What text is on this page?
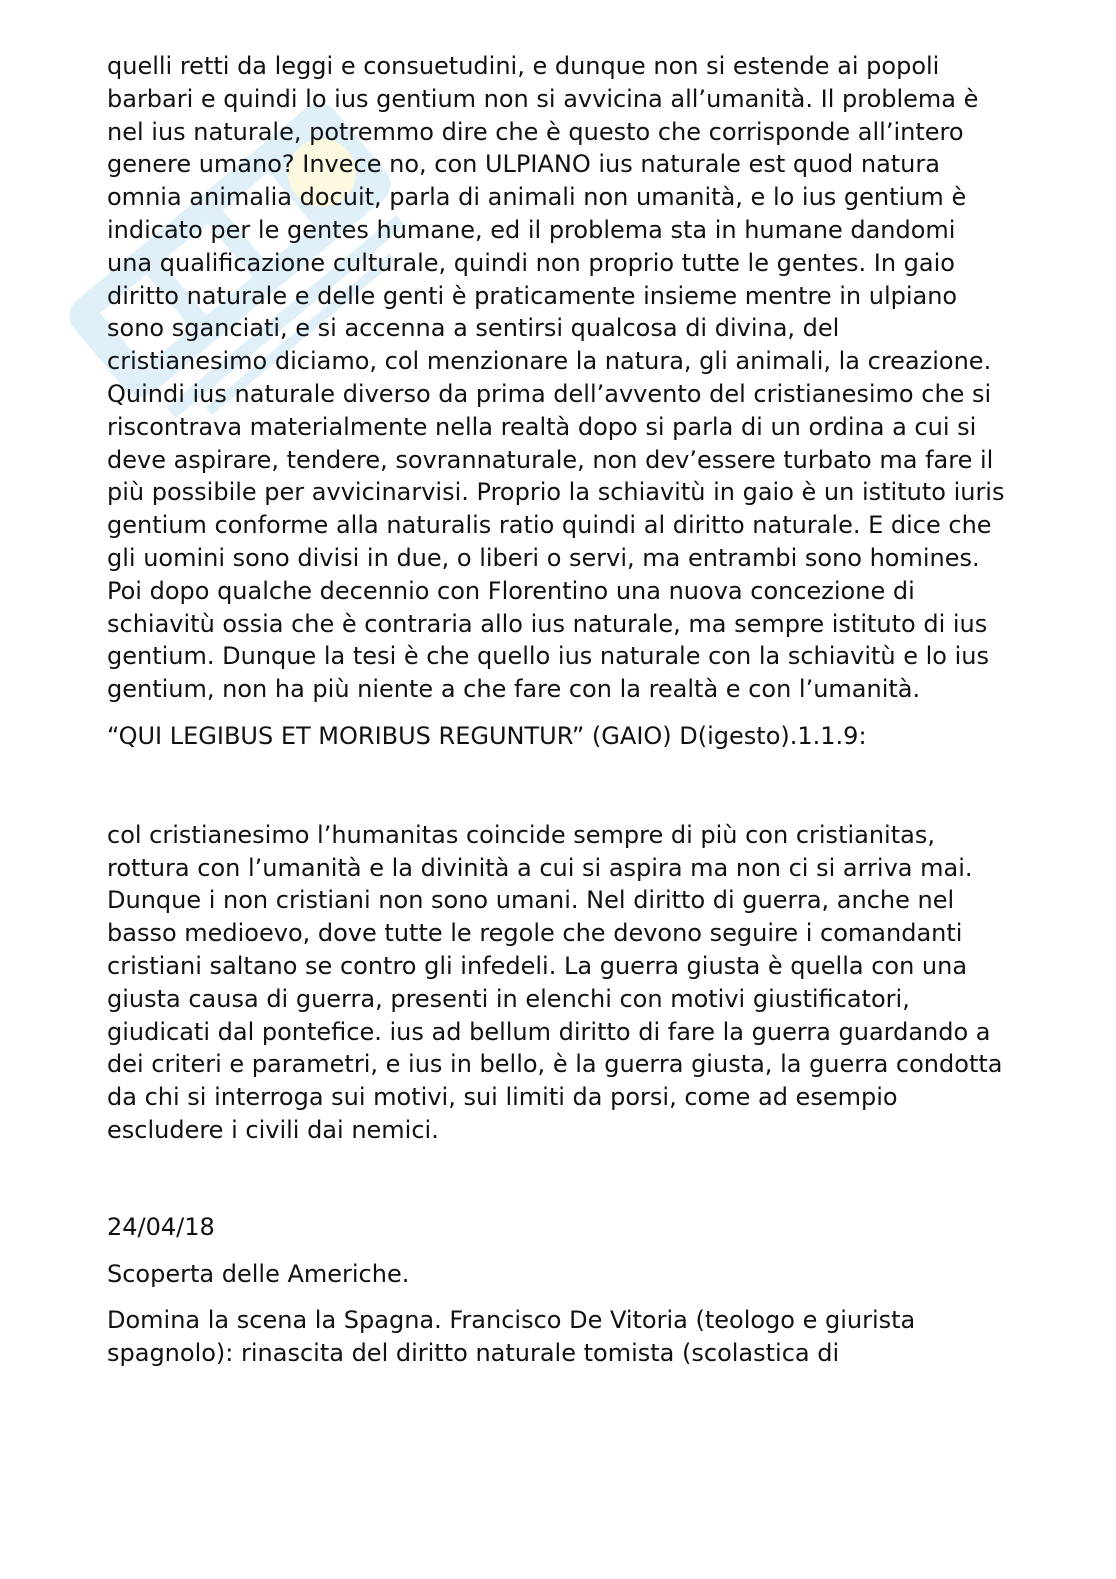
quelli retti da leggi e consuetudini, e dunque non si estende ai popoli barbari e quindi lo ius gentium non si avvicina all’umanità. Il problema è nel ius naturale, potremmo dire che è questo che corrisponde all’intero genere umano? Invece no, con ULPIANO ius naturale est quod natura omnia animalia docuit, parla di animali non umanità, e lo ius gentium è indicato per le gentes humane, ed il problema sta in humane dandomi una qualificazione culturale, quindi non proprio tutte le gentes. In gaio diritto naturale e delle genti è praticamente insieme mentre in ulpiano sono sganciati, e si accenna a sentirsi qualcosa di divina, del cristianesimo diciamo, col menzionare la natura, gli animali, la creazione. Quindi ius naturale diverso da prima dell’avvento del cristianesimo che si riscontrava materialmente nella realtà dopo si parla di un ordina a cui si deve aspirare, tendere, sovrannaturale, non dev’essere turbato ma fare il più possibile per avvicinarvisi. Proprio la schiavitù in gaio è un istituto iuris gentium conforme alla naturalis ratio quindi al diritto naturale. E dice che gli uomini sono divisi in due, o liberi o servi, ma entrambi sono homines. Poi dopo qualche decennio con Florentino una nuova concezione di schiavitù ossia che è contraria allo ius naturale, ma sempre istituto di ius gentium. Dunque la tesi è che quello ius naturale con la schiavitù e lo ius gentium, non ha più niente a che fare con la realtà e con l’umanità.

“QUI LEGIBUS ET MORIBUS REGUNTUR” (GAIO) D(igesto).1.1.9:

col cristianesimo l’humanitas coincide sempre di più con cristianitas, rottura con l’umanità e la divinità a cui si aspira ma non ci si arriva mai. Dunque i non cristiani non sono umani. Nel diritto di guerra, anche nel basso medioevo, dove tutte le regole che devono seguire i comandanti cristiani saltano se contro gli infedeli. La guerra giusta è quella con una giusta causa di guerra, presenti in elenchi con motivi giustificatori, giudicati dal pontefice. ius ad bellum diritto di fare la guerra guardando a dei criteri e parametri, e ius in bello, è la guerra giusta, la guerra condotta da chi si interroga sui motivi, sui limiti da porsi, come ad esempio escludere i civili dai nemici.

24/04/18

Scoperta delle Americhe.

Domina la scena la Spagna. Francisco De Vitoria (teologo e giurista spagnolo): rinascita del diritto naturale tomista (scolastica di
